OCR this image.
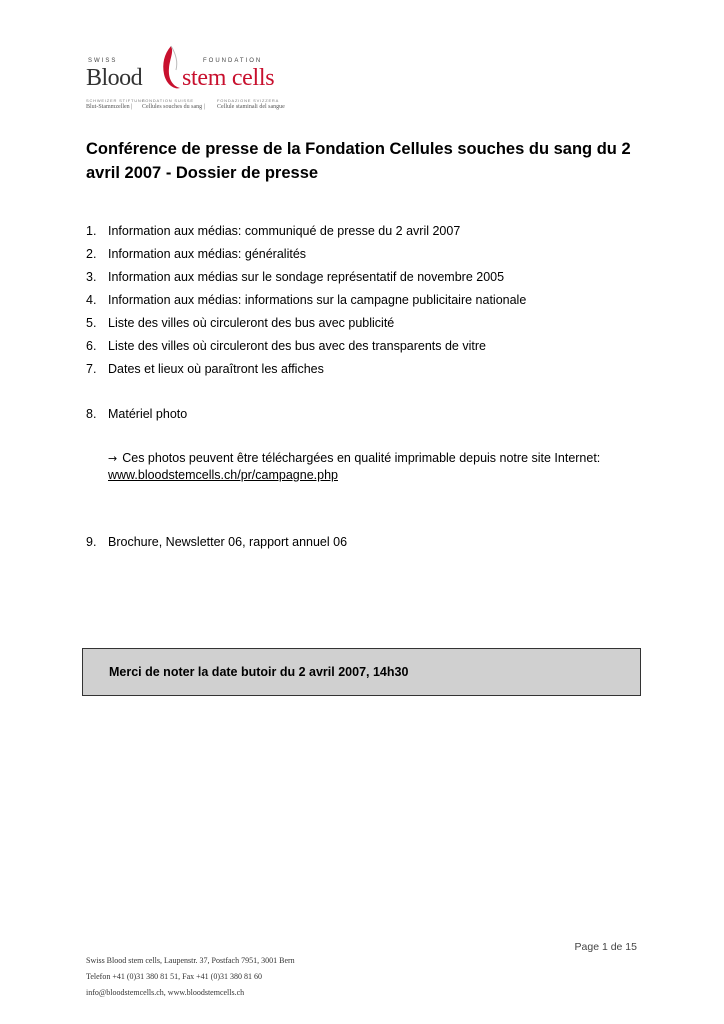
SWISS	FOUNDATION
Blood stem cells
SCHWEIZER STIFTUNG
FONDATION SUISSE	FONDAZIONE SVIZZERA
Blut-Stammzellen | Cellules souches du sang | Cellule staminali del sangue
Conférence de presse de la Fondation Cellules souches du sang du 2 avril 2007 - Dossier de presse
1. Information aux médias: communiqué de presse du 2 avril 2007
2. Information aux médias: généralités
3. Information aux médias sur le sondage représentatif de novembre 2005
4. Information aux médias: informations sur la campagne publicitaire nationale
5. Liste des villes où circuleront des bus avec publicité
6. Liste des villes où circuleront des bus avec des transparents de vitre
7. Dates et lieux où paraîtront les affiches
8. Matériel photo
→ Ces photos peuvent être téléchargées en qualité imprimable depuis notre site Internet:
www.bloodstemcells.ch/pr/campagne.php
9. Brochure, Newsletter 06, rapport annuel 06
Merci de noter la date butoir du 2 avril 2007, 14h30
Page 1 de 15
Swiss Blood stem cells, Laupenstr. 37, Postfach 7951, 3001 Bern
Telefon +41 (0)31 380 81 51, Fax +41 (0)31 380 81 60
info@bloodstemcells.ch, www.bloodstemcells.ch
